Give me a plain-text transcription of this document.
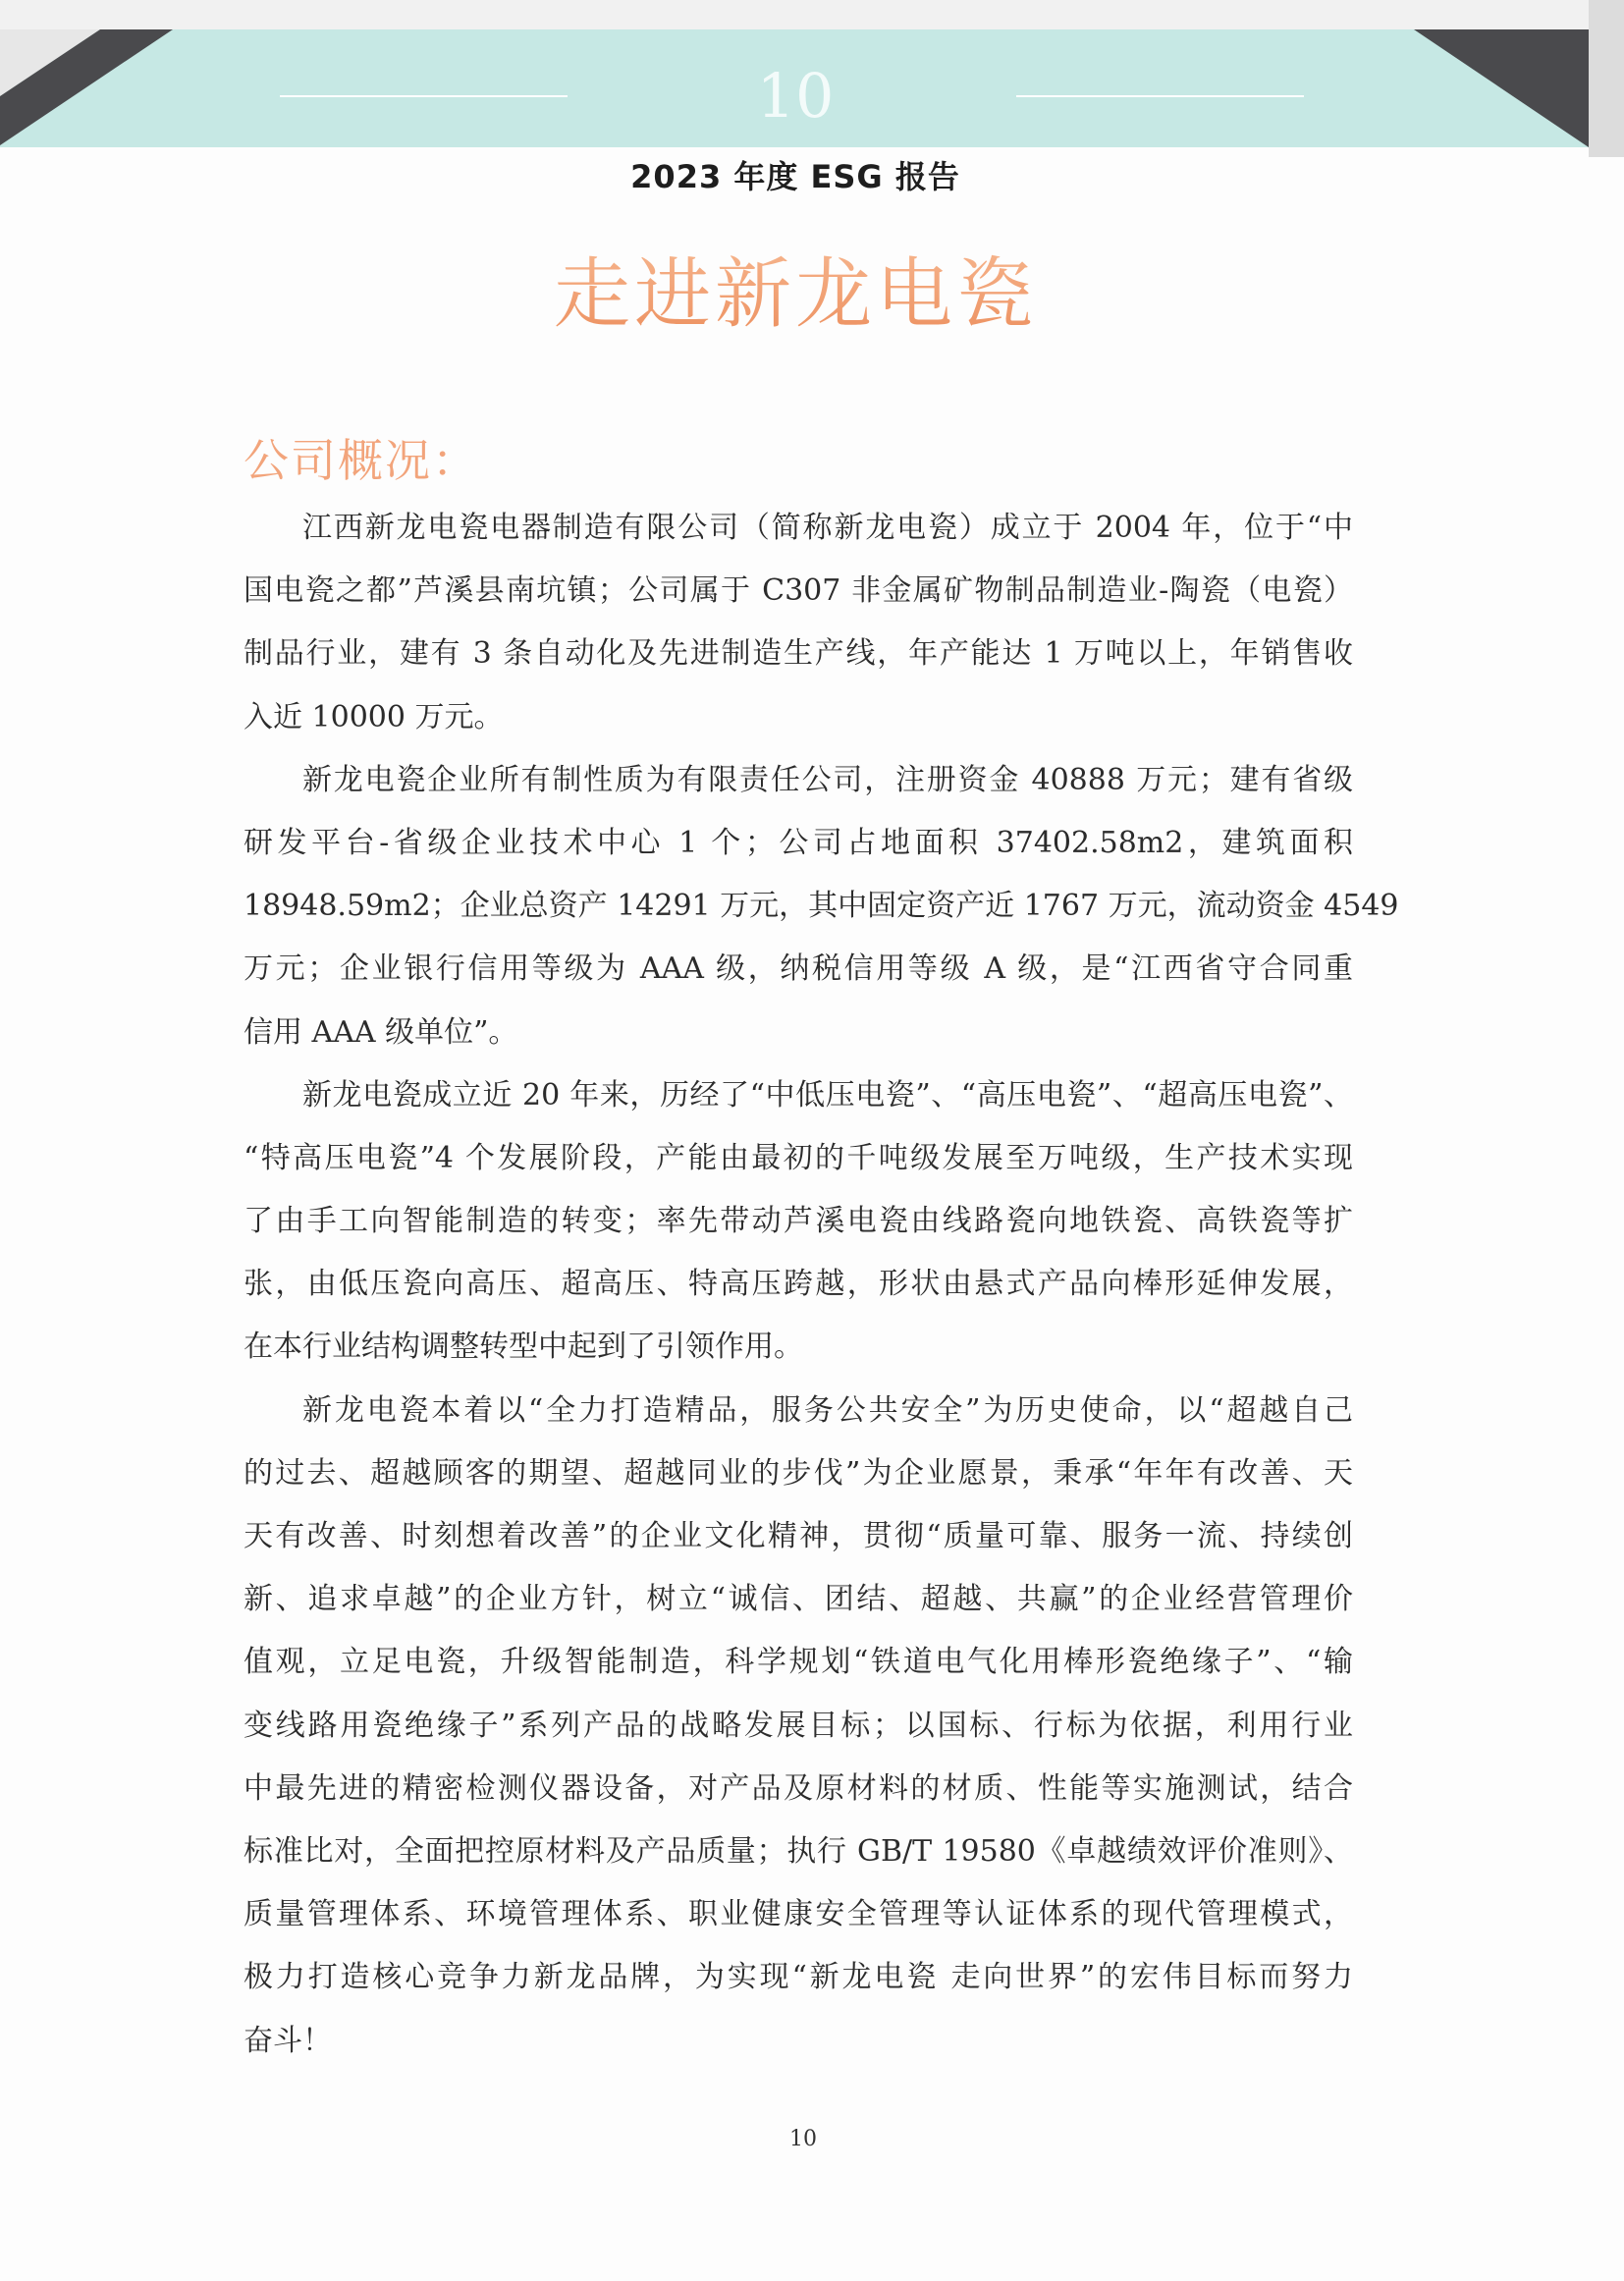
10
2023 年度 ESG 报告
走进新龙电瓷
公司概况：
江西新龙电瓷电器制造有限公司（简称新龙电瓷）成立于 2004 年，位于“中
国电瓷之都”芦溪县南坑镇；公司属于 C307 非金属矿物制品制造业-陶瓷（电瓷）
制品行业，建有 3 条自动化及先进制造生产线，年产能达 1 万吨以上，年销售收
入近 10000 万元。
新龙电瓷企业所有制性质为有限责任公司，注册资金 40888 万元；建有省级
研发平台-省级企业技术中心 1 个；公司占地面积 37402.58m2，建筑面积
18948.59m2；企业总资产 14291 万元，其中固定资产近 1767 万元，流动资金 4549
万元；企业银行信用等级为 AAA 级，纳税信用等级 A 级，是“江西省守合同重
信用 AAA 级单位”。
新龙电瓷成立近 20 年来，历经了“中低压电瓷”、“高压电瓷”、“超高压电瓷”、
“特高压电瓷”4 个发展阶段，产能由最初的千吨级发展至万吨级，生产技术实现
了由手工向智能制造的转变；率先带动芦溪电瓷由线路瓷向地铁瓷、高铁瓷等扩
张，由低压瓷向高压、超高压、特高压跨越，形状由悬式产品向棒形延伸发展，
在本行业结构调整转型中起到了引领作用。
新龙电瓷本着以“全力打造精品，服务公共安全”为历史使命，以“超越自己
的过去、超越顾客的期望、超越同业的步伐”为企业愿景，秉承“年年有改善、天
天有改善、时刻想着改善”的企业文化精神，贯彻“质量可靠、服务一流、持续创
新、追求卓越”的企业方针，树立“诚信、团结、超越、共赢”的企业经营管理价
值观，立足电瓷，升级智能制造，科学规划“铁道电气化用棒形瓷绝缘子”、“输
变线路用瓷绝缘子”系列产品的战略发展目标；以国标、行标为依据，利用行业
中最先进的精密检测仪器设备，对产品及原材料的材质、性能等实施测试，结合
标准比对，全面把控原材料及产品质量；执行 GB/T 19580《卓越绩效评价准则》、
质量管理体系、环境管理体系、职业健康安全管理等认证体系的现代管理模式，
极力打造核心竞争力新龙品牌，为实现“新龙电瓷 走向世界”的宏伟目标而努力
奋斗！
10
